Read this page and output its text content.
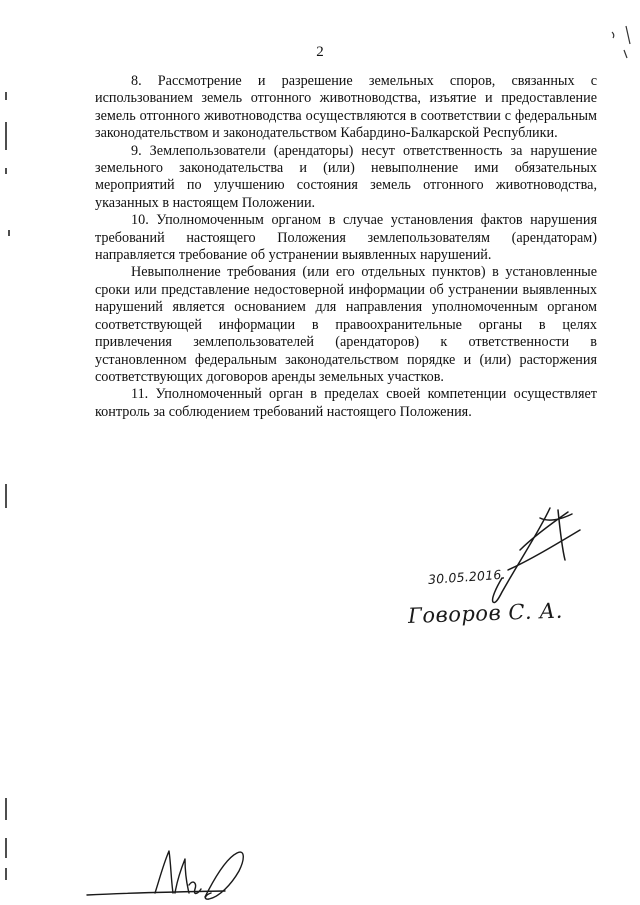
2

8. Рассмотрение и разрешение земельных споров, связанных с использованием земель отгонного животноводства, изъятие и предоставление земель отгонного животноводства осуществляются в соответствии с федеральным законодательством и законодательством Кабардино-Балкарской Республики.

9. Землепользователи (арендаторы) несут ответственность за нарушение земельного законодательства и (или) невыполнение ими обязательных мероприятий по улучшению состояния земель отгонного животноводства, указанных в настоящем Положении.

10. Уполномоченным органом в случае установления фактов нарушения требований настоящего Положения землепользователям (арендаторам) направляется требование об устранении выявленных нарушений.

Невыполнение требования (или его отдельных пунктов) в установленные сроки или представление недостоверной информации об устранении выявленных нарушений является основанием для направления уполномоченным органом соответствующей информации в правоохранительные органы в целях привлечения землепользователей (арендаторов) к ответственности в установленном федеральным законодательством порядке и (или) расторжения соответствующих договоров аренды земельных участков.

11. Уполномоченный орган в пределах своей компетенции осуществляет контроль за соблюдением требований настоящего Положения.

30.05.2016.
Говоров С. А.
